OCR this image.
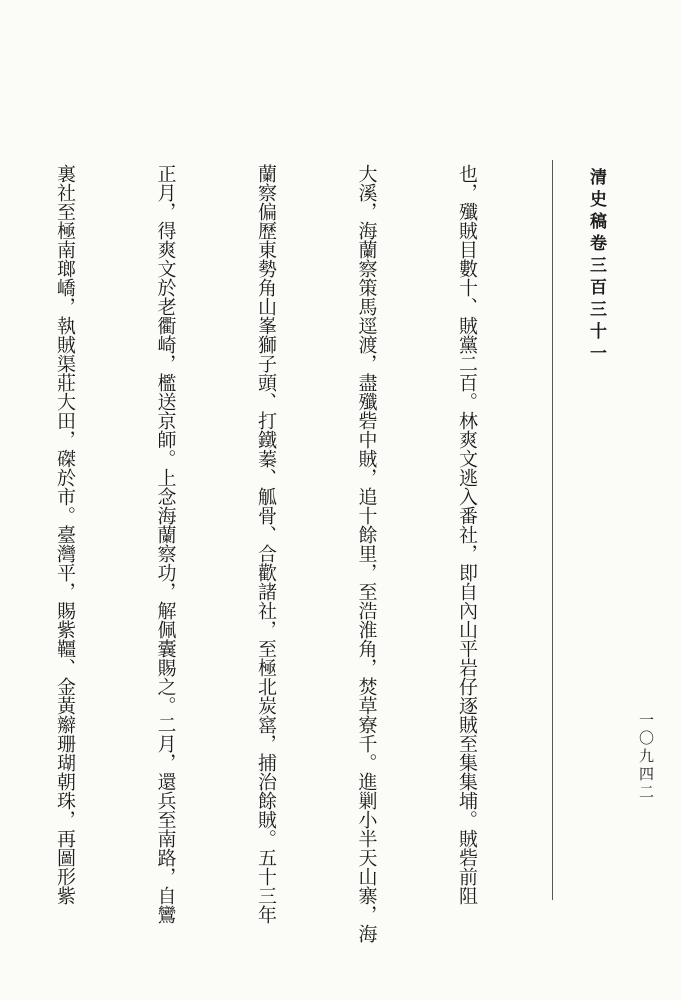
清史稿卷三百三十一
一〇九四二

也，殲賊目數十、賊黨二百。林爽文逃入番社，即自內山平岩仔逐賊至集集埔。賊砦前阻

大溪，海蘭察策馬逕渡，盡殲砦中賊，追十餘里，至浩淮角，焚草寮千。進剿小半天山寨，海

蘭察偏歷東勢角山峯獅子頭、打鐵蓁、觚骨、合歡諸社，至極北炭窰，捕治餘賊。五十三年

正月，得爽文於老衢崎，檻送京師。上念海蘭察功，解佩囊賜之。二月，還兵至南路，自鸞

裏社至極南瑯嶠，執賊渠莊大田，磔於市。臺灣平，賜紫韁、金黃辮珊瑚朝珠，再圖形紫
